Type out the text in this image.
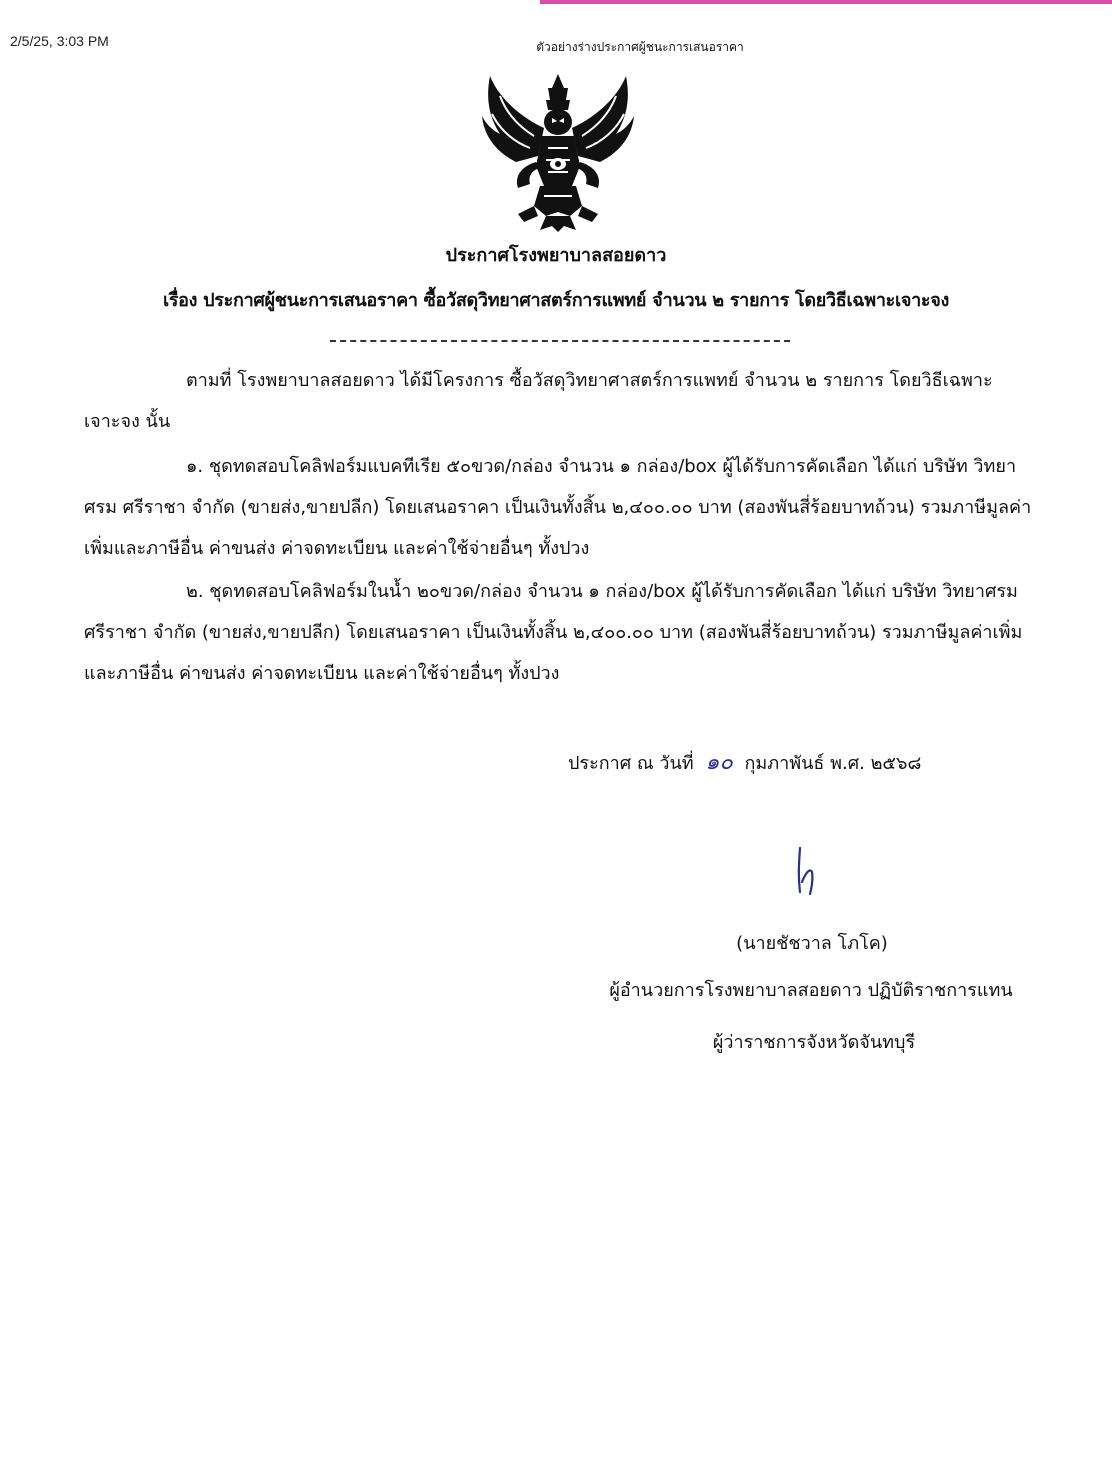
2/5/25, 3:03 PM	ตัวอย่างร่างประกาศผู้ชนะการเสนอราคา
ประกาศโรงพยาบาลสอยดาว
เรื่อง ประกาศผู้ชนะการเสนอราคา ซื้อวัสดุวิทยาศาสตร์การแพทย์ จำนวน ๒ รายการ โดยวิธีเฉพาะเจาะจง

ตามที่ โรงพยาบาลสอยดาว ได้มีโครงการ ซื้อวัสดุวิทยาศาสตร์การแพทย์ จำนวน ๒ รายการ โดยวิธีเฉพาะเจาะจง นั้น

๑. ชุดทดสอบโคลิฟอร์มแบคทีเรีย ๕๐ขวด/กล่อง จำนวน ๑ กล่อง/box ผู้ได้รับการคัดเลือก ได้แก่ บริษัท วิทยาศรม ศรีราชา จำกัด (ขายส่ง,ขายปลีก) โดยเสนอราคา เป็นเงินทั้งสิ้น ๒,๔๐๐.๐๐ บาท (สองพันสี่ร้อยบาทถ้วน) รวมภาษีมูลค่าเพิ่มและภาษีอื่น ค่าขนส่ง ค่าจดทะเบียน และค่าใช้จ่ายอื่นๆ ทั้งปวง

๒. ชุดทดสอบโคลิฟอร์มในน้ำ ๒๐ขวด/กล่อง จำนวน ๑ กล่อง/box ผู้ได้รับการคัดเลือก ได้แก่ บริษัท วิทยาศรม ศรีราชา จำกัด (ขายส่ง,ขายปลีก) โดยเสนอราคา เป็นเงินทั้งสิ้น ๒,๔๐๐.๐๐ บาท (สองพันสี่ร้อยบาทถ้วน) รวมภาษีมูลค่าเพิ่มและภาษีอื่น ค่าขนส่ง ค่าจดทะเบียน และค่าใช้จ่ายอื่นๆ ทั้งปวง

ประกาศ ณ วันที่ ๑๐ กุมภาพันธ์ พ.ศ. ๒๕๖๘
(นายชัชวาล โภโค)
ผู้อำนวยการโรงพยาบาลสอยดาว ปฏิบัติราชการแทน
ผู้ว่าราชการจังหวัดจันทบุรี
